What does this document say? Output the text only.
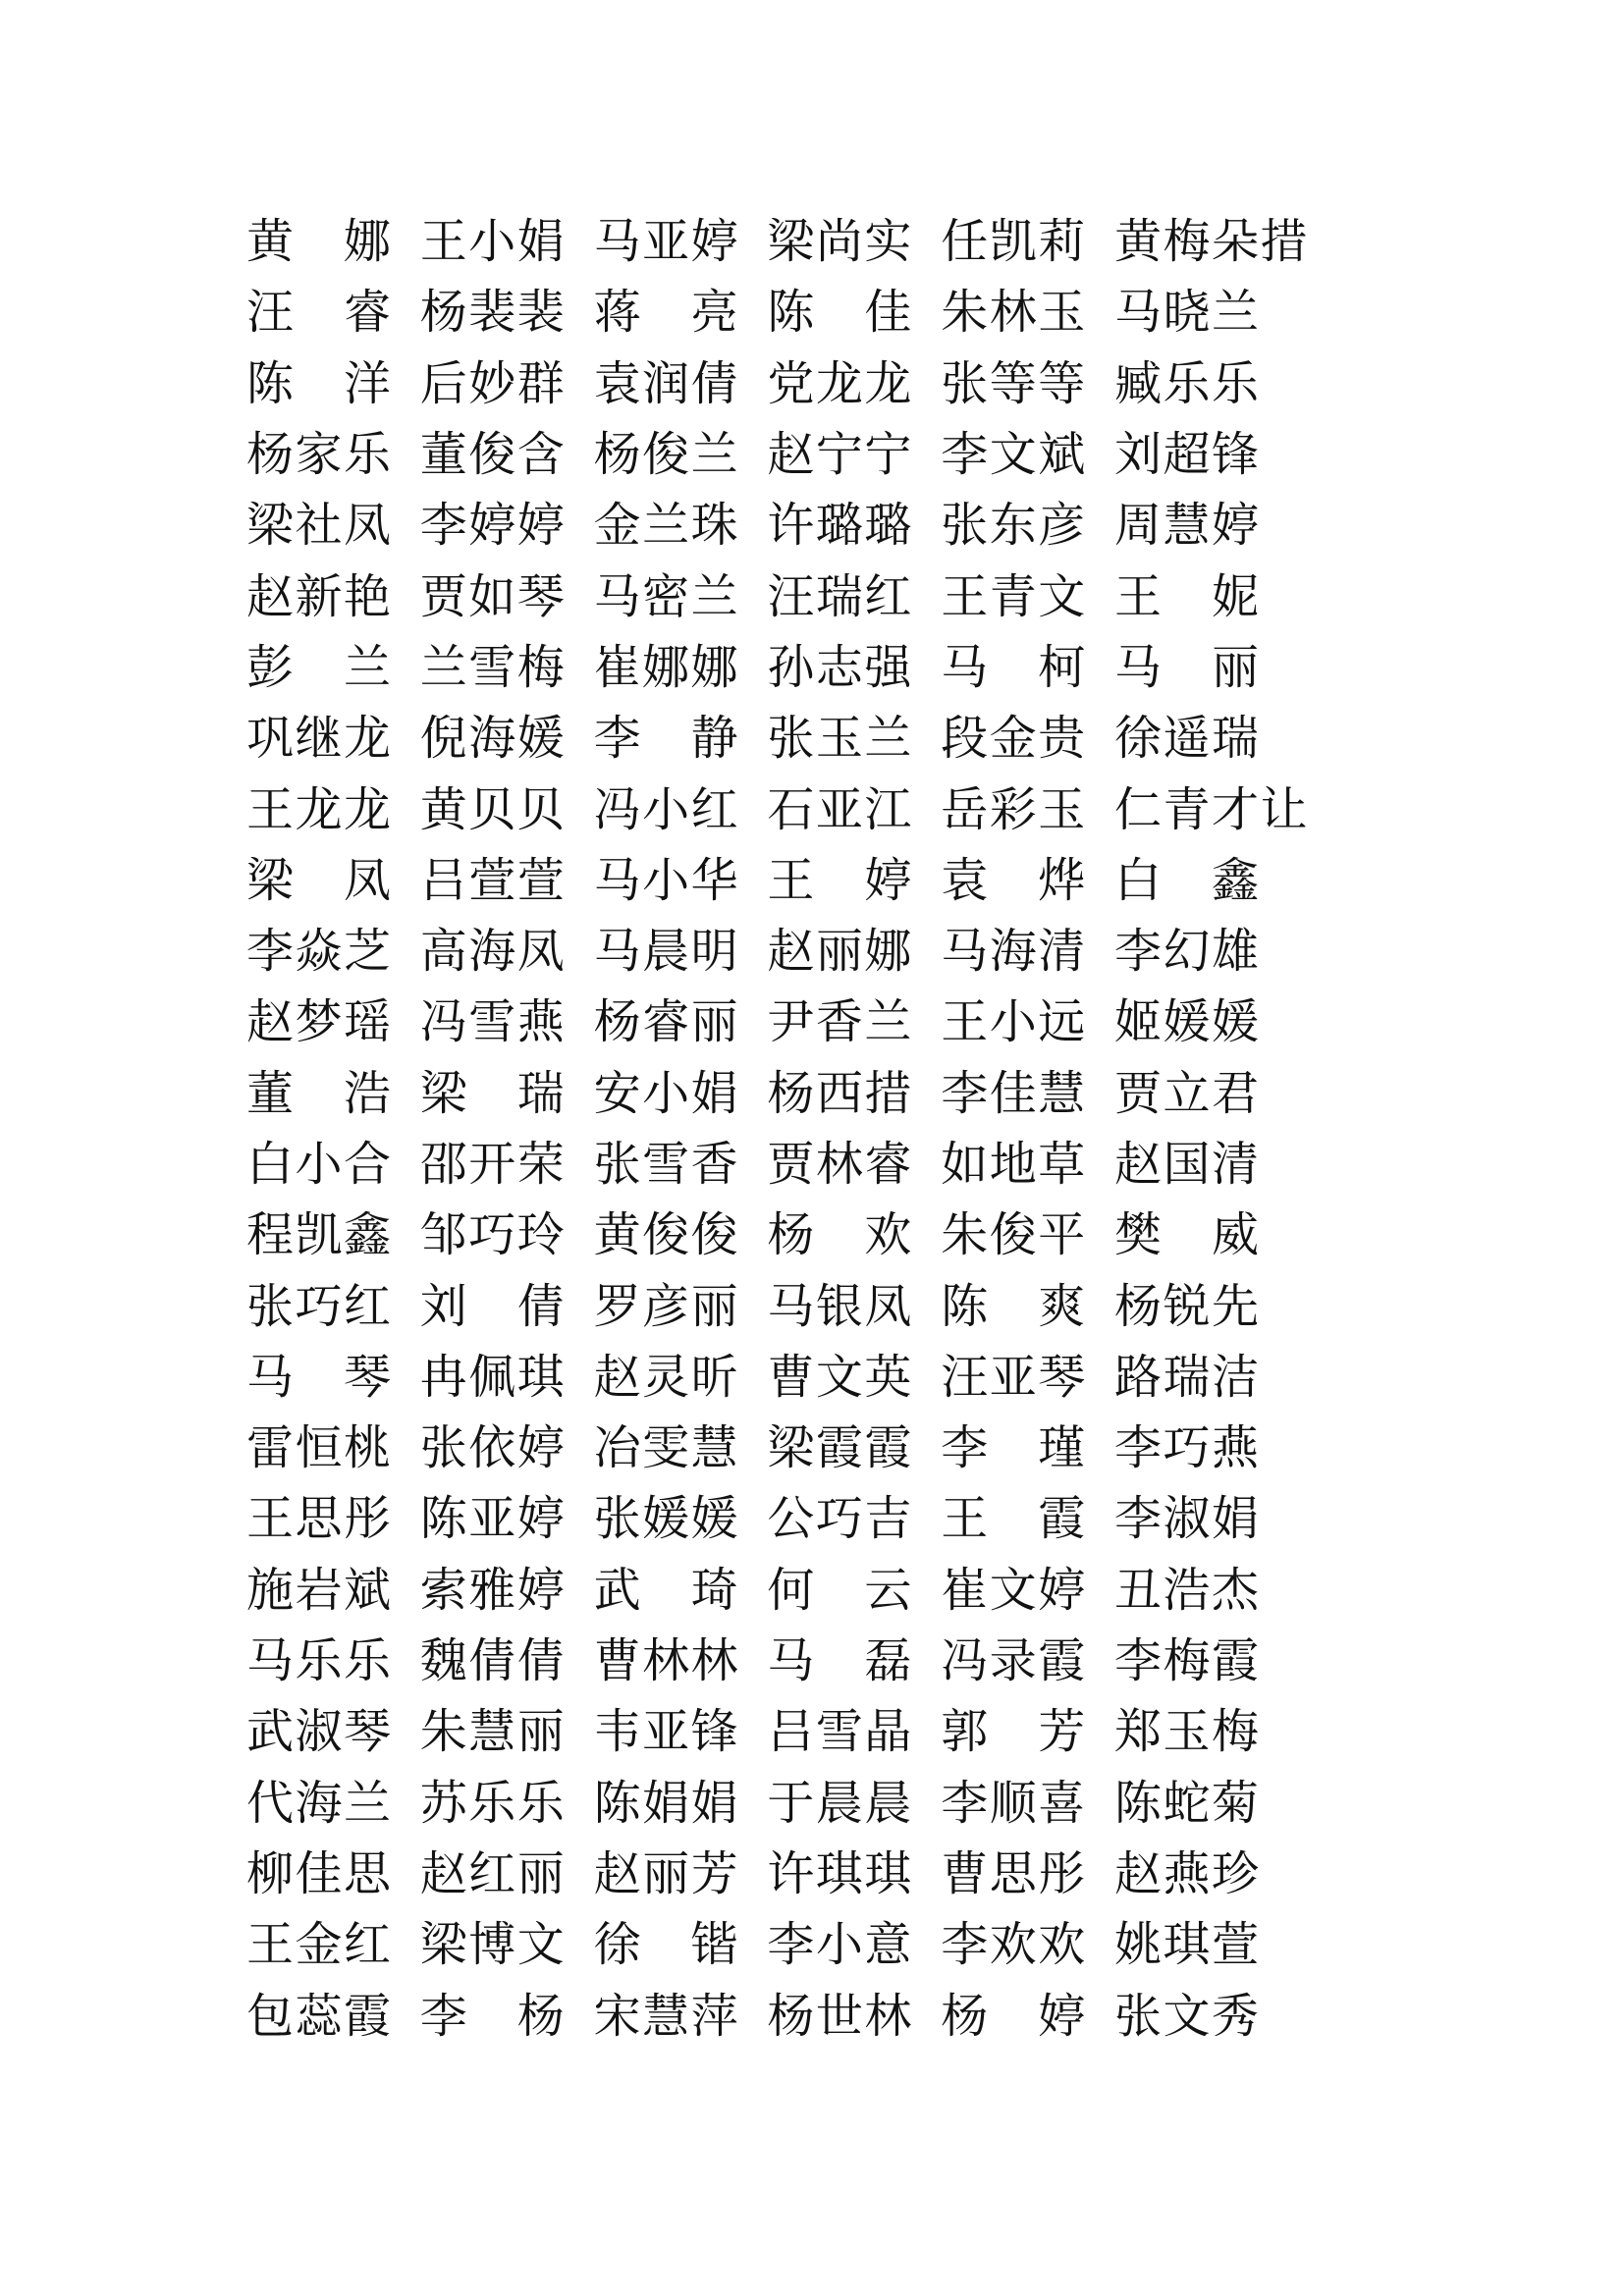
黄　娜 王小娟 马亚婷 梁尚实 任凯莉 黄梅朵措
汪　睿 杨裴裴 蒋　亮 陈　佳 朱林玉 马晓兰
陈　洋 后妙群 袁润倩 党龙龙 张等等 臧乐乐
杨家乐 董俊含 杨俊兰 赵宁宁 李文斌 刘超锋
梁社凤 李婷婷 金兰珠 许璐璐 张东彦 周慧婷
赵新艳 贾如琴 马密兰 汪瑞红 王青文 王　妮
彭　兰 兰雪梅 崔娜娜 孙志强 马　柯 马　丽
巩继龙 倪海媛 李　静 张玉兰 段金贵 徐遥瑞
王龙龙 黄贝贝 冯小红 石亚江 岳彩玉 仁青才让
梁　凤 吕萱萱 马小华 王　婷 袁　烨 白　鑫
李焱芝 高海凤 马晨明 赵丽娜 马海清 李幻雄
赵梦瑶 冯雪燕 杨睿丽 尹香兰 王小远 姬媛媛
董　浩 梁　瑞 安小娟 杨西措 李佳慧 贾立君
白小合 邵开荣 张雪香 贾林睿 如地草 赵国清
程凯鑫 邹巧玲 黄俊俊 杨　欢 朱俊平 樊　威
张巧红 刘　倩 罗彦丽 马银凤 陈　爽 杨锐先
马　琴 冉佩琪 赵灵昕 曹文英 汪亚琴 路瑞洁
雷恒桃 张依婷 冶雯慧 梁霞霞 李　瑾 李巧燕
王思彤 陈亚婷 张媛媛 公巧吉 王　霞 李淑娟
施岩斌 索雅婷 武　琦 何　云 崔文婷 丑浩杰
马乐乐 魏倩倩 曹林林 马　磊 冯录霞 李梅霞
武淑琴 朱慧丽 韦亚锋 吕雪晶 郭　芳 郑玉梅
代海兰 苏乐乐 陈娟娟 于晨晨 李顺喜 陈蛇菊
柳佳思 赵红丽 赵丽芳 许琪琪 曹思彤 赵燕珍
王金红 梁博文 徐　锴 李小意 李欢欢 姚琪萱
包蕊霞 李　杨 宋慧萍 杨世林 杨　婷 张文秀
